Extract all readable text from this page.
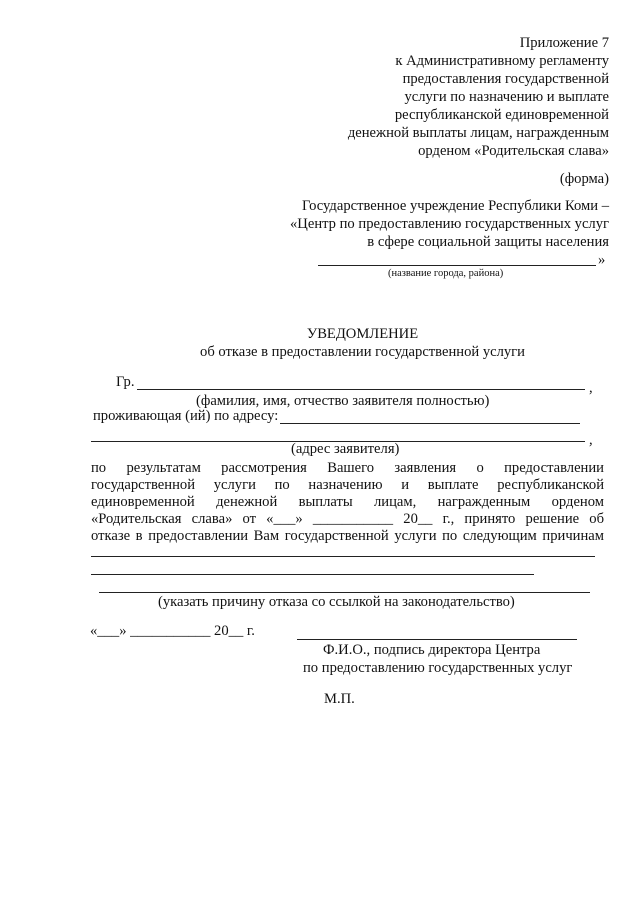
Приложение 7
к Административному регламенту
предоставления государственной
услуги по назначению и выплате
республиканской единовременной
денежной выплаты лицам, награжденным
орденом «Родительская слава»
(форма)
Государственное учреждение Республики Коми –
«Центр по предоставлению государственных услуг
в сфере социальной защиты населения
»
(название города, района)
УВЕДОМЛЕНИЕ
об отказе в предоставлении государственной услуги
Гр.	,
(фамилия, имя, отчество заявителя полностью)
проживающая (ий) по адресу:
,
(адрес заявителя)
по результатам рассмотрения Вашего заявления о предоставлении
государственной услуги по назначению и выплате республиканской
единовременной денежной выплаты лицам, награжденным орденом
«Родительская слава» от «___» ___________ 20__ г., принято решение об
отказе в предоставлении Вам государственной услуги по следующим причинам
(указать причину отказа со ссылкой на законодательство)
«___» ___________ 20__ г.
Ф.И.О., подпись директора Центра
по предоставлению государственных услуг
М.П.
